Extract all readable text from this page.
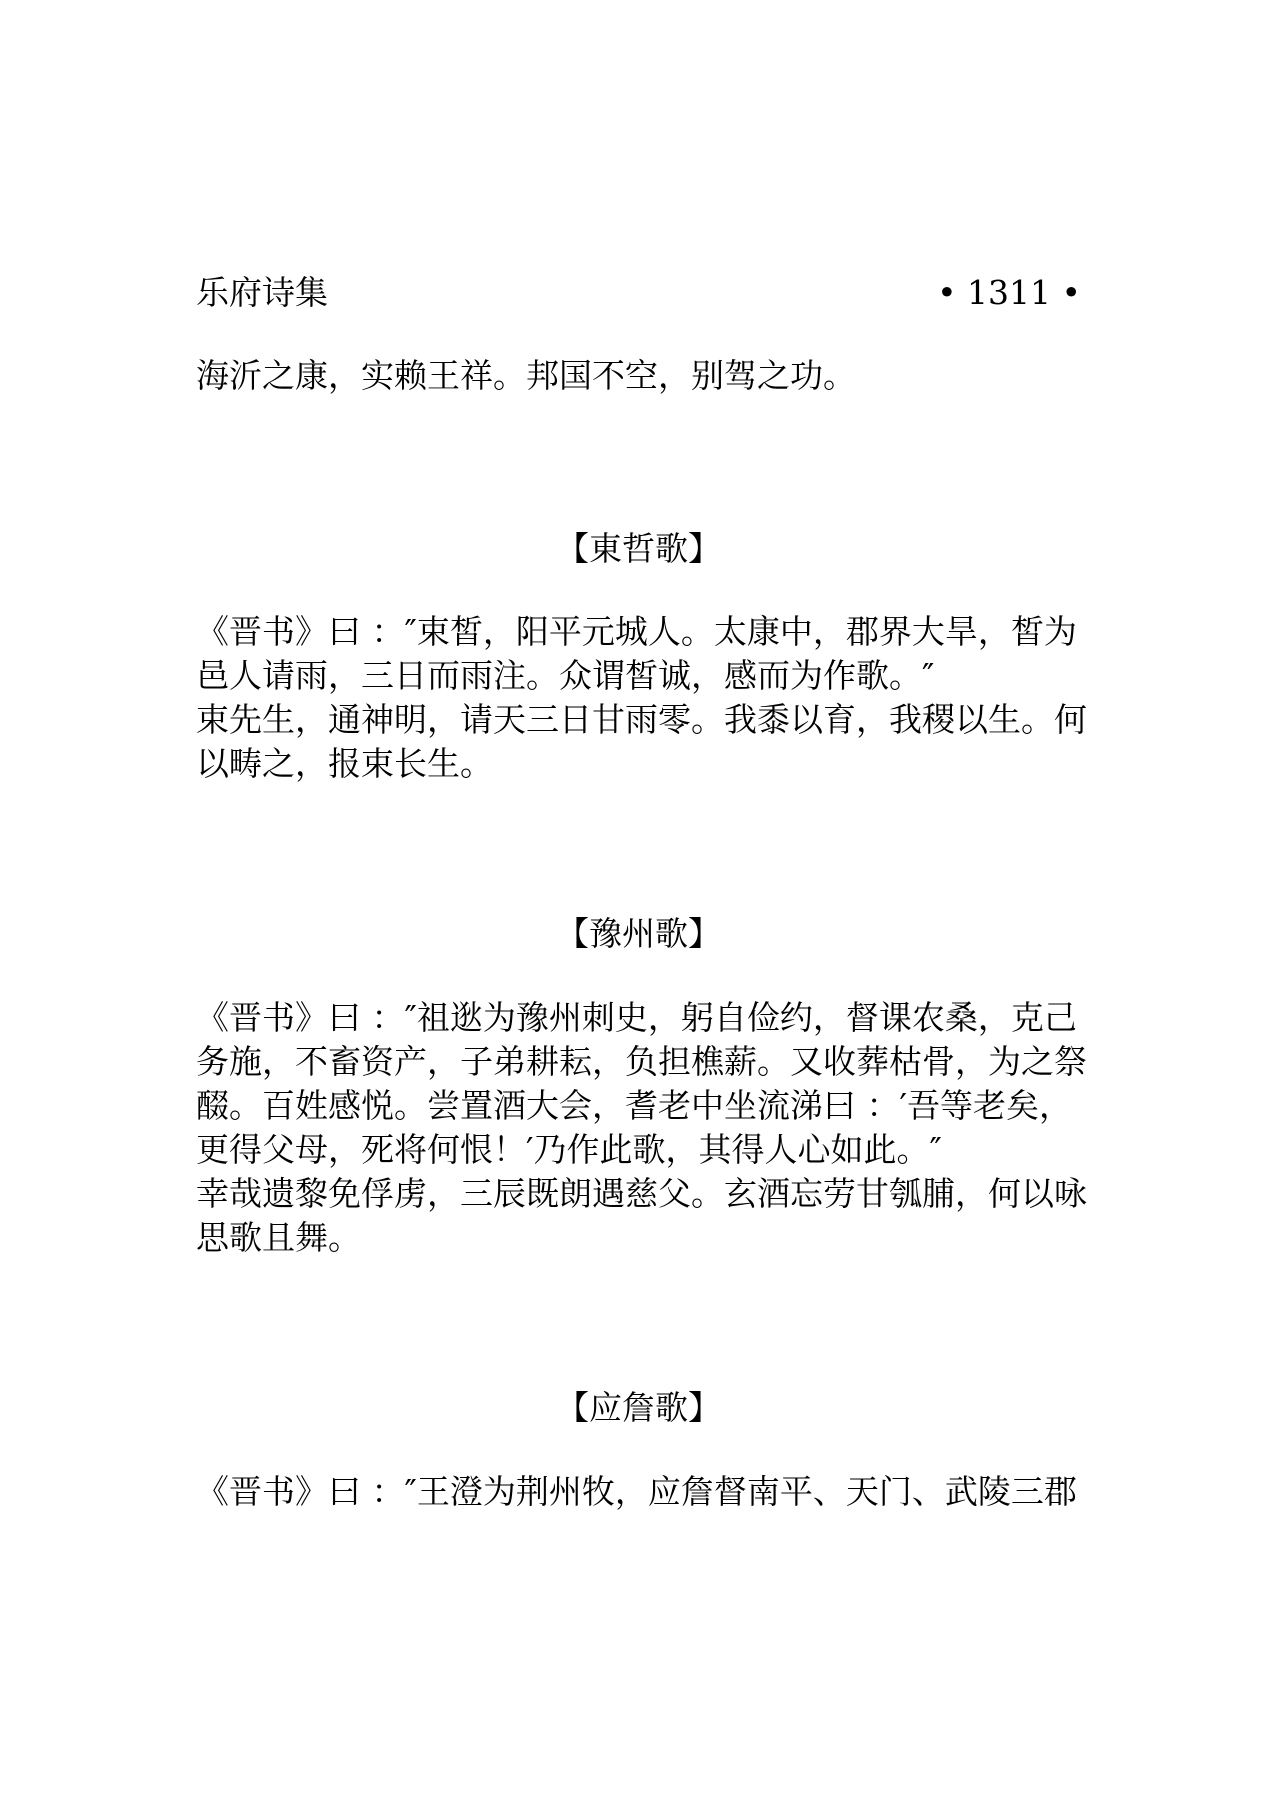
乐府诗集	• 1311 •
海沂之康，实赖王祥。邦国不空，别驾之功。
【東哲歌】
《晋书》曰 ：″束皙，阳平元城人。太康中，郡界大旱，皙为
邑人请雨，三日而雨注。众谓皙诚，感而为作歌。″
束先生，通神明，请天三日甘雨零。我黍以育，我稷以生。何
以畴之，报束长生。
【豫州歌】
《晋书》曰 ：″祖逖为豫州刺史，躬自俭约，督课农桑，克己
务施，不畜资产，子弟耕耘，负担樵薪。又收葬枯骨，为之祭
醊。百姓感悦。尝置酒大会，耆老中坐流涕曰 ：′吾等老矣，
更得父母，死将何恨！′乃作此歌，其得人心如此。″
幸哉遗黎免俘虏，三辰既朗遇慈父。玄酒忘劳甘瓠脯，何以咏
思歌且舞。
【应詹歌】
《晋书》曰 ：″王澄为荆州牧，应詹督南平、天门、武陵三郡
